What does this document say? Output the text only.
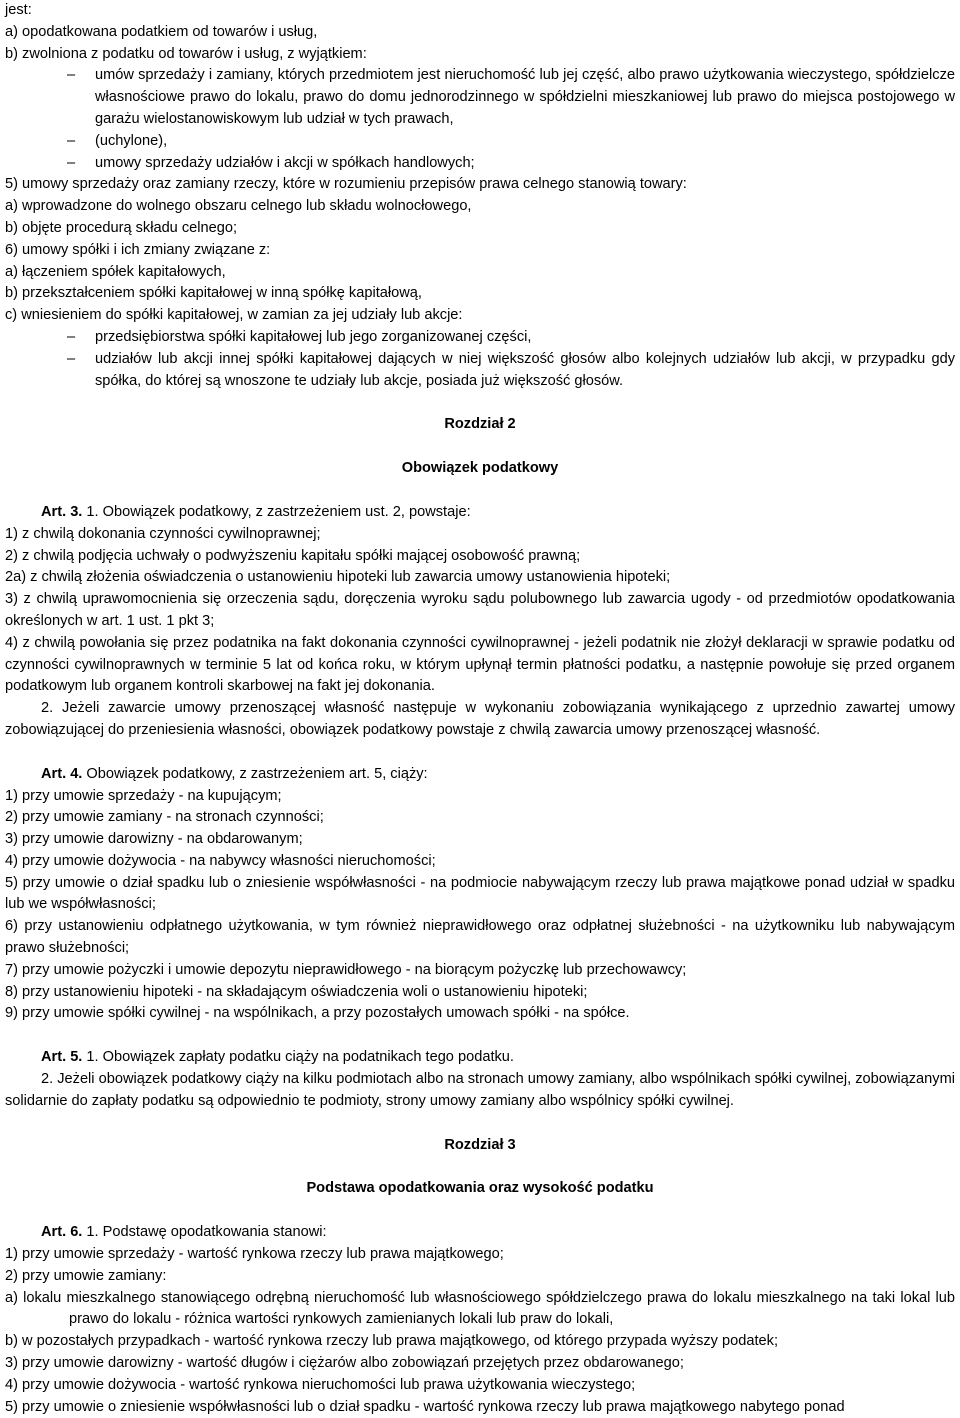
jest:

a) opodatkowana podatkiem od towarów i usług,

b) zwolniona z podatku od towarów i usług, z wyjątkiem:

– umów sprzedaży i zamiany, których przedmiotem jest nieruchomość lub jej część, albo prawo użytkowania wieczystego, spółdzielcze własnościowe prawo do lokalu, prawo do domu jednorodzinnego w spółdzielni mieszkaniowej lub prawo do miejsca postojowego w garażu wielostanowiskowym lub udział w tych prawach,
– (uchylone),
– umowy sprzedaży udziałów i akcji w spółkach handlowych;

5) umowy sprzedaży oraz zamiany rzeczy, które w rozumieniu przepisów prawa celnego stanowią towary:

a) wprowadzone do wolnego obszaru celnego lub składu wolnocłowego,

b) objęte procedurą składu celnego;

6) umowy spółki i ich zmiany związane z:

a) łączeniem spółek kapitałowych,

b) przekształceniem spółki kapitałowej w inną spółkę kapitałową,

c) wniesieniem do spółki kapitałowej, w zamian za jej udziały lub akcje:

– przedsiębiorstwa spółki kapitałowej lub jego zorganizowanej części,
– udziałów lub akcji innej spółki kapitałowej dających w niej większość głosów albo kolejnych udziałów lub akcji, w przypadku gdy spółka, do której są wnoszone te udziały lub akcje, posiada już większość głosów.

Rozdział 2

Obowiązek podatkowy

Art. 3. 1. Obowiązek podatkowy, z zastrzeżeniem ust. 2, powstaje:

1) z chwilą dokonania czynności cywilnoprawnej;

2) z chwilą podjęcia uchwały o podwyższeniu kapitału spółki mającej osobowość prawną;

2a) z chwilą złożenia oświadczenia o ustanowieniu hipoteki lub zawarcia umowy ustanowienia hipoteki;

3) z chwilą uprawomocnienia się orzeczenia sądu, doręczenia wyroku sądu polubownego lub zawarcia ugody - od przedmiotów opodatkowania określonych w art. 1 ust. 1 pkt 3;

4) z chwilą powołania się przez podatnika na fakt dokonania czynności cywilnoprawnej - jeżeli podatnik nie złożył deklaracji w sprawie podatku od czynności cywilnoprawnych w terminie 5 lat od końca roku, w którym upłynął termin płatności podatku, a następnie powołuje się przed organem podatkowym lub organem kontroli skarbowej na fakt jej dokonania.

2. Jeżeli zawarcie umowy przenoszącej własność następuje w wykonaniu zobowiązania wynikającego z uprzednio zawartej umowy zobowiązującej do przeniesienia własności, obowiązek podatkowy powstaje z chwilą zawarcia umowy przenoszącej własność.

Art. 4. Obowiązek podatkowy, z zastrzeżeniem art. 5, ciąży:

1) przy umowie sprzedaży - na kupującym;

2) przy umowie zamiany - na stronach czynności;

3) przy umowie darowizny - na obdarowanym;

4) przy umowie dożywocia - na nabywcy własności nieruchomości;

5) przy umowie o dział spadku lub o zniesienie współwłasności - na podmiocie nabywającym rzeczy lub prawa majątkowe ponad udział w spadku lub we współwłasności;

6) przy ustanowieniu odpłatnego użytkowania, w tym również nieprawidłowego oraz odpłatnej służebności - na użytkowniku lub nabywającym prawo służebności;

7) przy umowie pożyczki i umowie depozytu nieprawidłowego - na biorącym pożyczkę lub przechowawcy;

8) przy ustanowieniu hipoteki - na składającym oświadczenia woli o ustanowieniu hipoteki;

9) przy umowie spółki cywilnej - na wspólnikach, a przy pozostałych umowach spółki - na spółce.

Art. 5. 1. Obowiązek zapłaty podatku ciąży na podatnikach tego podatku.

2. Jeżeli obowiązek podatkowy ciąży na kilku podmiotach albo na stronach umowy zamiany, albo wspólnikach spółki cywilnej, zobowiązanymi solidarnie do zapłaty podatku są odpowiednio te podmioty, strony umowy zamiany albo wspólnicy spółki cywilnej.

Rozdział 3

Podstawa opodatkowania oraz wysokość podatku

Art. 6. 1. Podstawę opodatkowania stanowi:

1) przy umowie sprzedaży - wartość rynkowa rzeczy lub prawa majątkowego;

2) przy umowie zamiany:

a) lokalu mieszkalnego stanowiącego odrębną nieruchomość lub własnościowego spółdzielczego prawa do lokalu mieszkalnego na taki lokal lub prawo do lokalu - różnica wartości rynkowych zamienianych lokali lub praw do lokali,

b) w pozostałych przypadkach - wartość rynkowa rzeczy lub prawa majątkowego, od którego przypada wyższy podatek;

3) przy umowie darowizny - wartość długów i ciężarów albo zobowiązań przejętych przez obdarowanego;

4) przy umowie dożywocia - wartość rynkowa nieruchomości lub prawa użytkowania wieczystego;

5) przy umowie o zniesienie współwłasności lub o dział spadku - wartość rynkowa rzeczy lub prawa majątkowego nabytego ponad
